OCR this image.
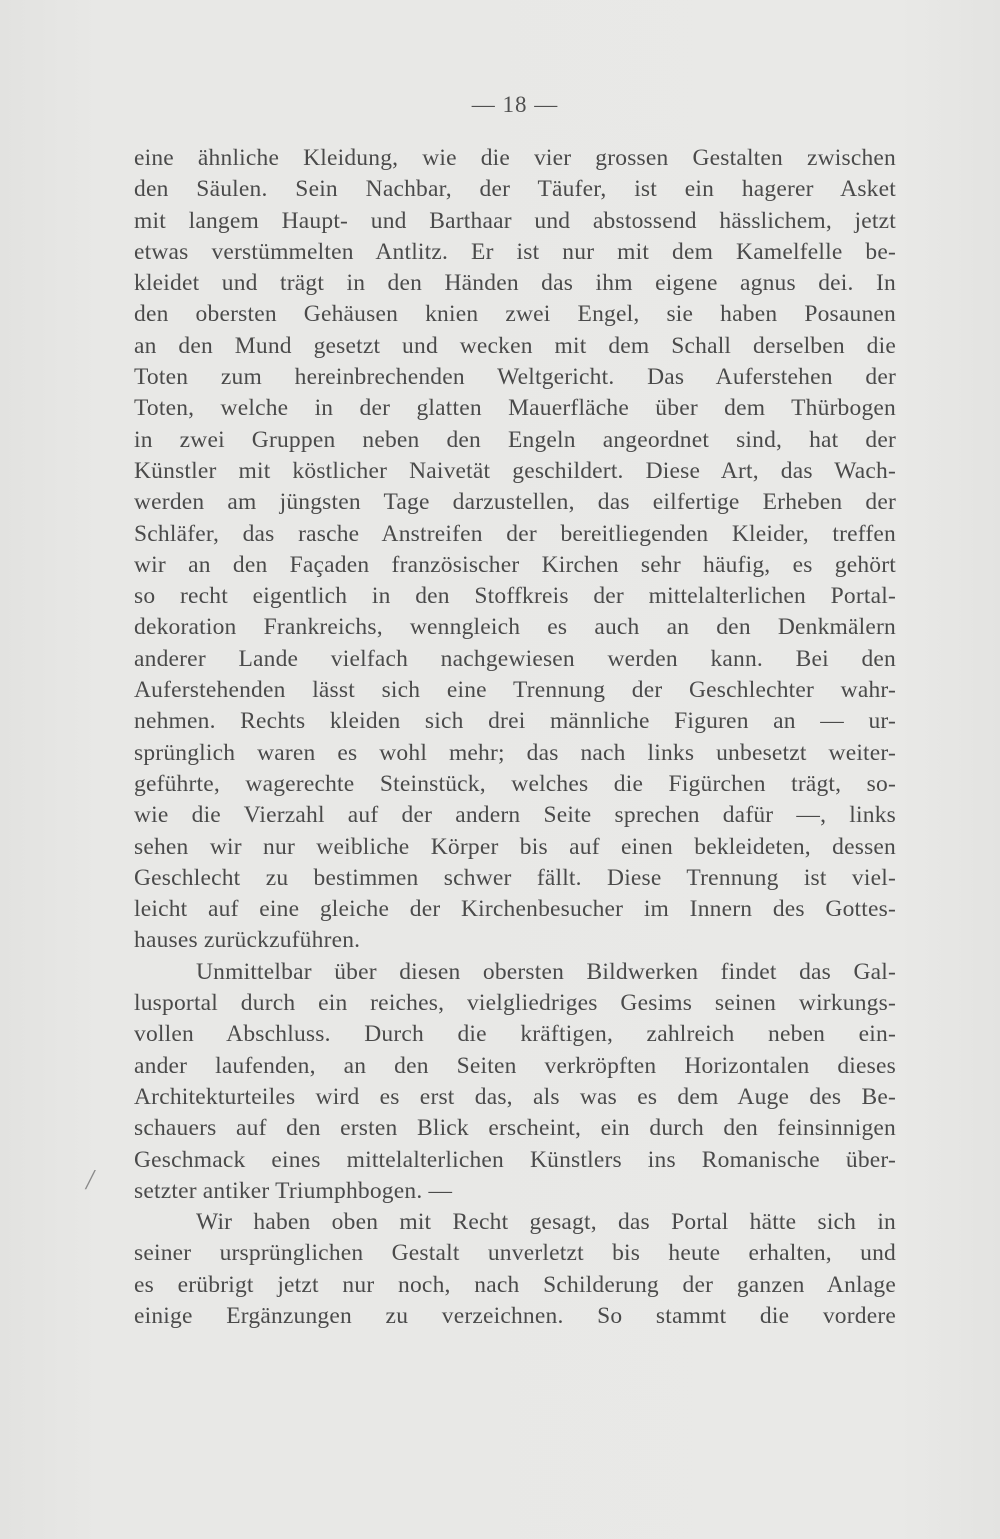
— 18 —
eine ähnliche Kleidung, wie die vier grossen Gestalten zwischen
den Säulen. Sein Nachbar, der Täufer, ist ein hagerer Asket
mit langem Haupt- und Barthaar und abstossend hässlichem, jetzt
etwas verstümmelten Antlitz. Er ist nur mit dem Kamelfelle be-
kleidet und trägt in den Händen das ihm eigene agnus dei. In
den obersten Gehäusen knien zwei Engel, sie haben Posaunen
an den Mund gesetzt und wecken mit dem Schall derselben die
Toten zum hereinbrechenden Weltgericht. Das Auferstehen der
Toten, welche in der glatten Mauerfläche über dem Thürbogen
in zwei Gruppen neben den Engeln angeordnet sind, hat der
Künstler mit köstlicher Naivetät geschildert. Diese Art, das Wach-
werden am jüngsten Tage darzustellen, das eilfertige Erheben der
Schläfer, das rasche Anstreifen der bereitliegenden Kleider, treffen
wir an den Façaden französischer Kirchen sehr häufig, es gehört
so recht eigentlich in den Stoffkreis der mittelalterlichen Portal-
dekoration Frankreichs, wenngleich es auch an den Denkmälern
anderer Lande vielfach nachgewiesen werden kann. Bei den
Auferstehenden lässt sich eine Trennung der Geschlechter wahr-
nehmen. Rechts kleiden sich drei männliche Figuren an — ur-
sprünglich waren es wohl mehr; das nach links unbesetzt weiter-
geführte, wagerechte Steinstück, welches die Figürchen trägt, so-
wie die Vierzahl auf der andern Seite sprechen dafür —, links
sehen wir nur weibliche Körper bis auf einen bekleideten, dessen
Geschlecht zu bestimmen schwer fällt. Diese Trennung ist viel-
leicht auf eine gleiche der Kirchenbesucher im Innern des Gottes-
hauses zurückzuführen.
Unmittelbar über diesen obersten Bildwerken findet das Gal-
lusportal durch ein reiches, vielgliedriges Gesims seinen wirkungs-
vollen Abschluss. Durch die kräftigen, zahlreich neben ein-
ander laufenden, an den Seiten verkröpften Horizontalen dieses
Architekturteiles wird es erst das, als was es dem Auge des Be-
schauers auf den ersten Blick erscheint, ein durch den feinsinnigen
Geschmack eines mittelalterlichen Künstlers ins Romanische über-
setzter antiker Triumphbogen. —
Wir haben oben mit Recht gesagt, das Portal hätte sich in
seiner ursprünglichen Gestalt unverletzt bis heute erhalten, und
es erübrigt jetzt nur noch, nach Schilderung der ganzen Anlage
einige Ergänzungen zu verzeichnen. So stammt die vordere
/
